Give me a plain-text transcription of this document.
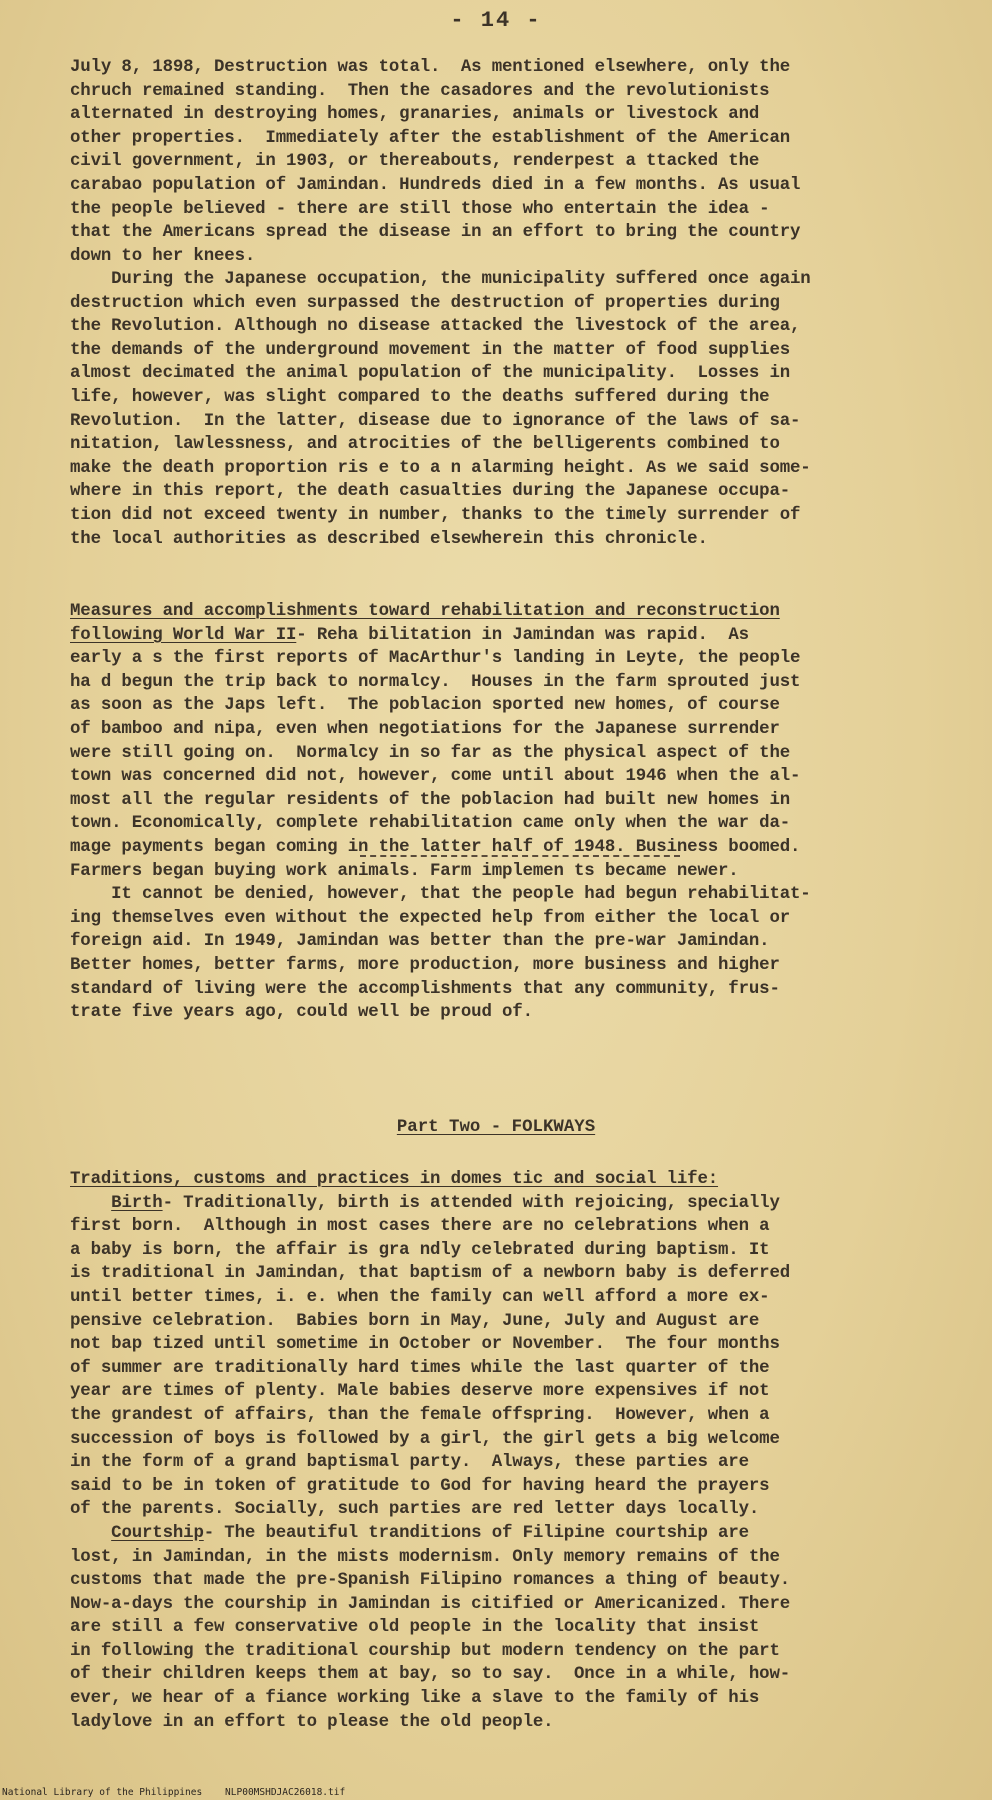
- 14 -
July 8, 1898, Destruction was total.  As mentioned elsewhere, only the
chruch remained standing.  Then the casadores and the revolutionists
alternated in destroying homes, granaries, animals or livestock and
other properties.  Immediately after the establishment of the American
civil government, in 1903, or thereabouts, renderpest a ttacked the
carabao population of Jamindan. Hundreds died in a few months. As usual
the people believed - there are still those who entertain the idea -
that the Americans spread the disease in an effort to bring the country
down to her knees.
During the Japanese occupation, the municipality suffered once again
destruction which even surpassed the destruction of properties during
the Revolution. Although no disease attacked the livestock of the area,
the demands of the underground movement in the matter of food supplies
almost decimated the animal population of the municipality.  Losses in
life, however, was slight compared to the deaths suffered during the
Revolution.  In the latter, disease due to ignorance of the laws of sa-
nitation, lawlessness, and atrocities of the belligerents combined to
make the death proportion ris e to a n alarming height. As we said some-
where in this report, the death casualties during the Japanese occupa-
tion did not exceed twenty in number, thanks to the timely surrender of
the local authorities as described elsewherein this chronicle.
Measures and accomplishments toward rehabilitation and reconstruction
following World War II- Reha bilitation in Jamindan was rapid.  As
early a s the first reports of MacArthur's landing in Leyte, the people
ha d begun the trip back to normalcy.  Houses in the farm sprouted just
as soon as the Japs left.  The poblacion sported new homes, of course
of bamboo and nipa, even when negotiations for the Japanese surrender
were still going on.  Normalcy in so far as the physical aspect of the
town was concerned did not, however, come until about 1946 when the al-
most all the regular residents of the poblacion had built new homes in
town. Economically, complete rehabilitation came only when the war da-
mage payments began coming in the latter half of 1948. Business boomed.
Farmers began buying work animals. Farm implemen ts became newer.
It cannot be denied, however, that the people had begun rehabilitat-
ing themselves even without the expected help from either the local or
foreign aid. In 1949, Jamindan was better than the pre-war Jamindan.
Better homes, better farms, more production, more business and higher
standard of living were the accomplishments that any community, frus-
trate five years ago, could well be proud of.
Part Two - FOLKWAYS
Traditions, customs and practices in domes tic and social life:
Birth- Traditionally, birth is attended with rejoicing, specially
first born.  Although in most cases there are no celebrations when a
a baby is born, the affair is gra ndly celebrated during baptism. It
is traditional in Jamindan, that baptism of a newborn baby is deferred
until better times, i. e. when the family can well afford a more ex-
pensive celebration.  Babies born in May, June, July and August are
not bap tized until sometime in October or November.  The four months
of summer are traditionally hard times while the last quarter of the
year are times of plenty. Male babies deserve more expensives if not
the grandest of affairs, than the female offspring.  However, when a
succession of boys is followed by a girl, the girl gets a big welcome
in the form of a grand baptismal party.  Always, these parties are
said to be in token of gratitude to God for having heard the prayers
of the parents. Socially, such parties are red letter days locally.
Courtship- The beautiful tranditions of Filipine courtship are
lost, in Jamindan, in the mists modernism. Only memory remains of the
customs that made the pre-Spanish Filipino romances a thing of beauty.
Now-a-days the courship in Jamindan is citified or Americanized. There
are still a few conservative old people in the locality that insist
in following the traditional courship but modern tendency on the part
of their children keeps them at bay, so to say.  Once in a while, how-
ever, we hear of a fiance working like a slave to the family of his
ladylove in an effort to please the old people.
National Library of the Philippines    NLP00MSHDJAC26018.tif
